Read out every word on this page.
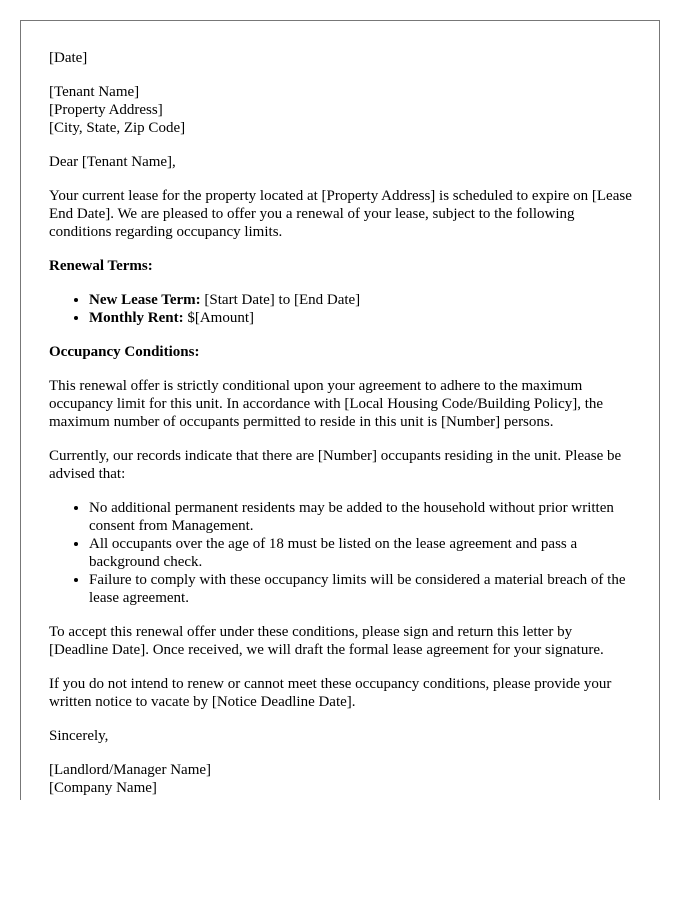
[Date]

[Tenant Name]
[Property Address]
[City, State, Zip Code]

Dear [Tenant Name],

Your current lease for the property located at [Property Address] is scheduled to expire on [Lease End Date]. We are pleased to offer you a renewal of your lease, subject to the following conditions regarding occupancy limits.

Renewal Terms:

• New Lease Term: [Start Date] to [End Date]
• Monthly Rent: $[Amount]

Occupancy Conditions:

This renewal offer is strictly conditional upon your agreement to adhere to the maximum occupancy limit for this unit. In accordance with [Local Housing Code/Building Policy], the maximum number of occupants permitted to reside in this unit is [Number] persons.

Currently, our records indicate that there are [Number] occupants residing in the unit. Please be advised that:

• No additional permanent residents may be added to the household without prior written consent from Management.
• All occupants over the age of 18 must be listed on the lease agreement and pass a background check.
• Failure to comply with these occupancy limits will be considered a material breach of the lease agreement.

To accept this renewal offer under these conditions, please sign and return this letter by [Deadline Date]. Once received, we will draft the formal lease agreement for your signature.

If you do not intend to renew or cannot meet these occupancy conditions, please provide your written notice to vacate by [Notice Deadline Date].

Sincerely,

[Landlord/Manager Name]
[Company Name]
